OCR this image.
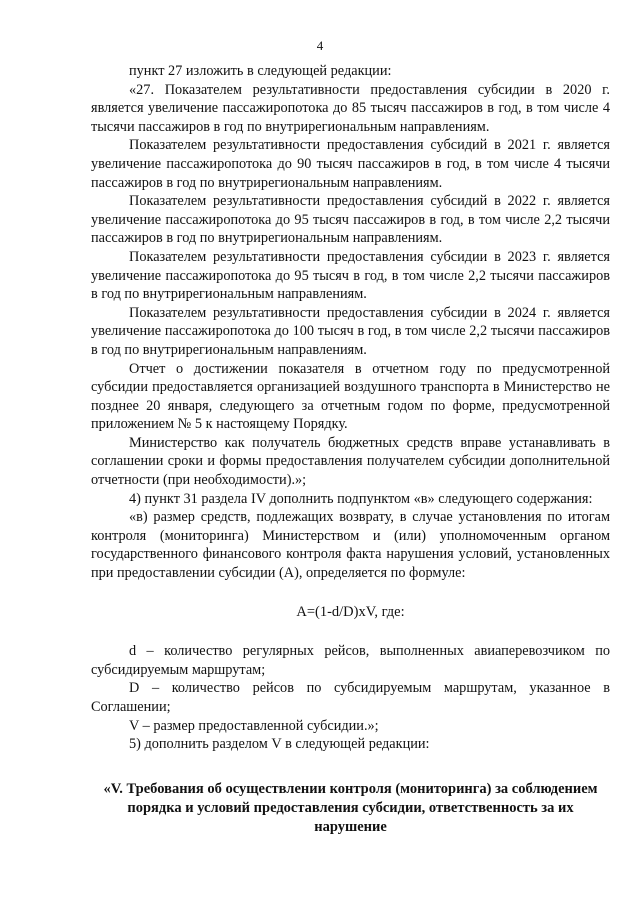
4

пункт 27 изложить в следующей редакции:

«27. Показателем результативности предоставления субсидии в 2020 г. является увеличение пассажиропотока до 85 тысяч пассажиров в год, в том числе 4 тысячи пассажиров в год по внутрирегиональным направлениям.

Показателем результативности предоставления субсидий в 2021 г. является увеличение пассажиропотока до 90 тысяч пассажиров в год, в том числе 4 тысячи пассажиров в год по внутрирегиональным направлениям.

Показателем результативности предоставления субсидий в 2022 г. является увеличение пассажиропотока до 95 тысяч пассажиров в год, в том числе 2,2 тысячи пассажиров в год по внутрирегиональным направлениям.

Показателем результативности предоставления субсидии в 2023 г. является увеличение пассажиропотока до 95 тысяч в год, в том числе 2,2 тысячи пассажиров в год по внутрирегиональным направлениям.

Показателем результативности предоставления субсидии в 2024 г. является увеличение пассажиропотока до 100 тысяч в год, в том числе 2,2 тысячи пассажиров в год по внутрирегиональным направлениям.

Отчет о достижении показателя в отчетном году по предусмотренной субсидии предоставляется организацией воздушного транспорта в Министерство не позднее 20 января, следующего за отчетным годом по форме, предусмотренной приложением № 5 к настоящему Порядку.

Министерство как получатель бюджетных средств вправе устанавливать в соглашении сроки и формы предоставления получателем субсидии дополнительной отчетности (при необходимости).»;

4) пункт 31 раздела IV дополнить подпунктом «в» следующего содержания:

«в) размер средств, подлежащих возврату, в случае установления по итогам контроля (мониторинга) Министерством и (или) уполномоченным органом государственного финансового контроля факта нарушения условий, установленных при предоставлении субсидии (А), определяется по формуле:

А=(1-d/D)xV, где:

d – количество регулярных рейсов, выполненных авиаперевозчиком по субсидируемым маршрутам;

D – количество рейсов по субсидируемым маршрутам, указанное в Соглашении;

V – размер предоставленной субсидии.»;

5) дополнить разделом V в следующей редакции:

«V. Требования об осуществлении контроля (мониторинга) за соблюдением порядка и условий предоставления субсидии, ответственность за их нарушение
